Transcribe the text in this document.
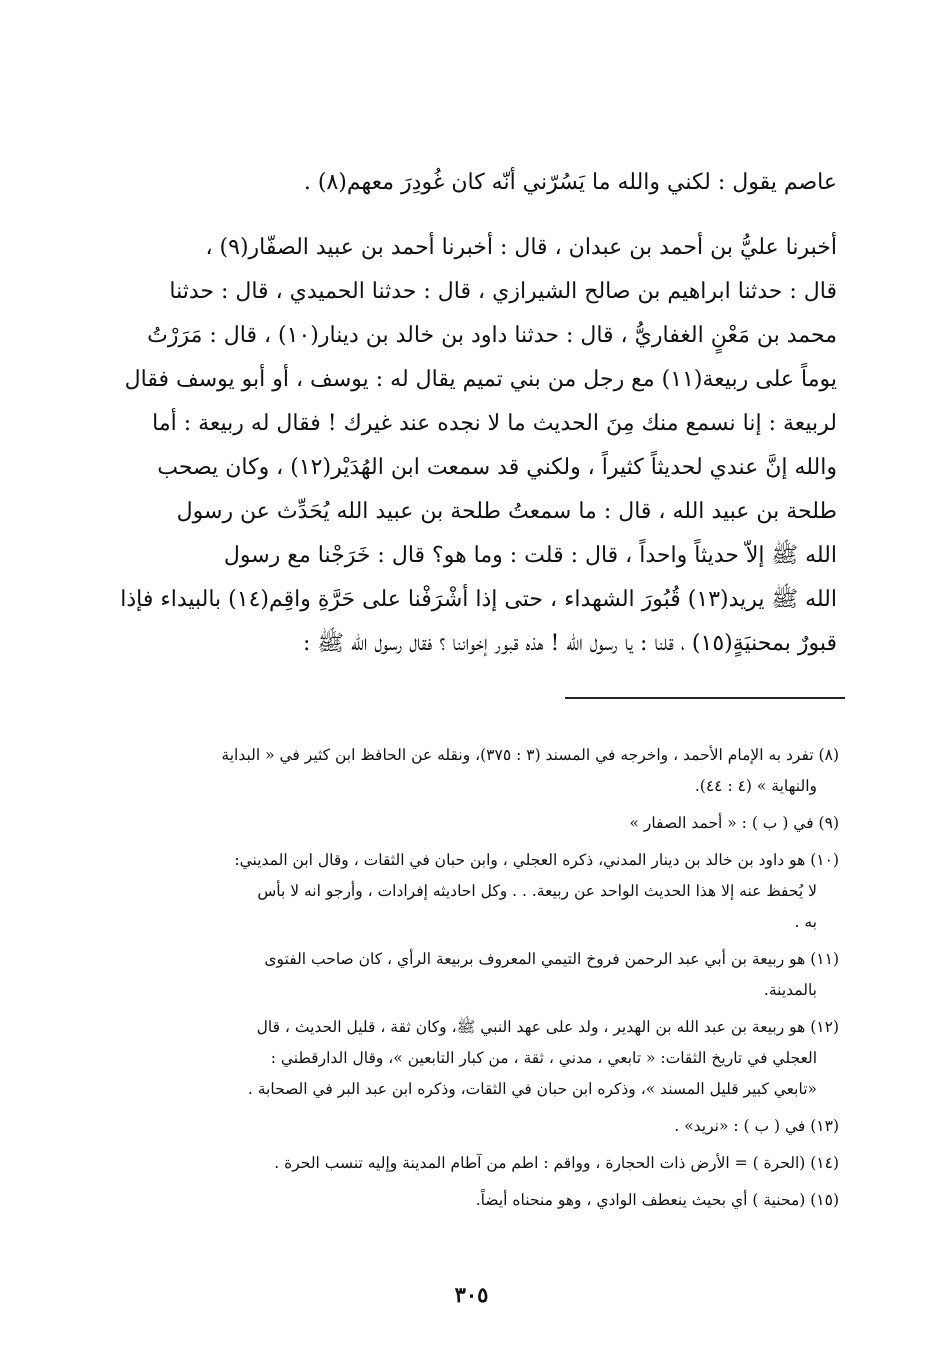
عاصم يقول : لكني والله ما يَسُرّني أنّه كان غُودِرَ معهم(٨) .
أخبرنا عليُّ بن أحمد بن عبدان ، قال : أخبرنا أحمد بن عبيد الصفّار(٩) ،
قال : حدثنا ابراهيم بن صالح الشيرازي ، قال : حدثنا الحميدي ، قال : حدثنا
محمد بن مَعْنٍ الغفاريُّ ، قال : حدثنا داود بن خالد بن دينار(١٠) ، قال : مَرَرْتُ
يوماً على ربيعة(١١) مع رجل من بني تميم يقال له : يوسف ، أو أبو يوسف فقال
لربيعة : إنا نسمع منك مِنَ الحديث ما لا نجده عند غيرك ! فقال له ربيعة : أما
والله إنَّ عندي لحديثاً كثيراً ، ولكني قد سمعت ابن الهُدَيْر(١٢) ، وكان يصحب
طلحة بن عبيد الله ، قال : ما سمعتُ طلحة بن عبيد الله يُحَدِّث عن رسول
الله ﷺ إلاّ حديثاً واحداً ، قال : قلت : وما هو؟ قال : خَرَجْنا مع رسول
الله ﷺ يريد(١٣) قُبُورَ الشهداء ، حتى إذا أشْرَفْنا على حَرَّةِ واقِم(١٤) بالبيداء فإذا
قبورٌ بمحنيَةٍ(١٥) ، قلنا : يا رسول الله ! هذه قبور إخواننا ؟ فقال رسول الله ﷺ :
(٨) تفرد به الإمام الأحمد ، واخرجه في المسند (٣ : ٣٧٥)، ونقله عن الحافظ ابن كثير في « البداية
والنهاية » (٤ : ٤٤).
(٩) في ( ب ) : « أحمد الصفار »
(١٠) هو داود بن خالد بن دينار المدني، ذكره العجلي ، وابن حبان في الثقات ، وقال ابن المديني:
لا يُحفظ عنه إلا هذا الحديث الواحد عن ربيعة. . . وكل احاديثه إفرادات ، وأرجو انه لا بأس
به .
(١١) هو ربيعة بن أبي عبد الرحمن فروخ التيمي المعروف بربيعة الرأي ، كان صاحب الفتوى
بالمدينة.
(١٢) هو ربيعة بن عبد الله بن الهدير ، ولد على عهد النبي ﷺ، وكان ثقة ، قليل الحديث ، قال
العجلي في تاريخ الثقات: « تابعي ، مدني ، ثقة ، من كبار التابعين »، وقال الدارقطني :
«تابعي كبير قليل المسند »، وذكره ابن حبان في الثقات، وذكره ابن عبد البر في الصحابة .
(١٣) في ( ب ) : «نريد» .
(١٤) (الحرة ) = الأرض ذات الحجارة ، وواقم : اطم من آطام المدينة وإليه تنسب الحرة .
(١٥) (محنية ) أي بحيث ينعطف الوادي ، وهو منحناه أيضاً.
٣٠٥
